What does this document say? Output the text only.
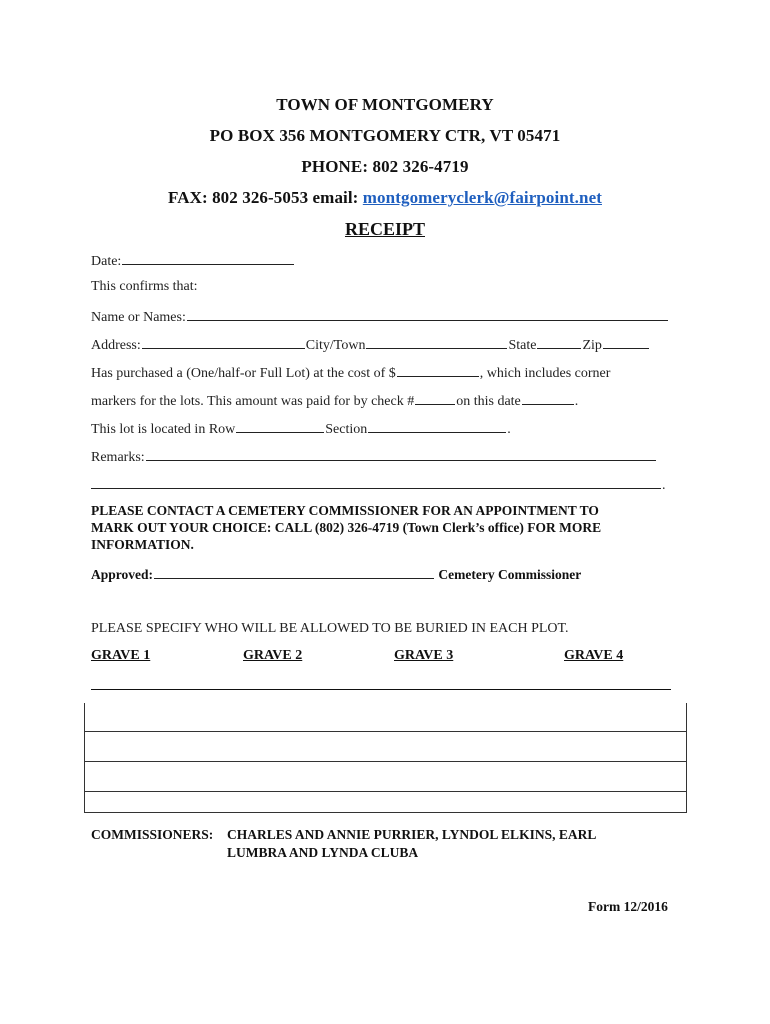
TOWN OF MONTGOMERY
PO BOX 356 MONTGOMERY CTR, VT 05471
PHONE: 802 326-4719
FAX: 802 326-5053 email: montgomeryclerk@fairpoint.net
RECEIPT
Date:
This confirms that:
Name or Names:
Address:	City/Town	State	Zip
Has purchased a (One/half-or Full Lot) at the cost of $	, which includes corner
markers for the lots. This amount was paid for by check #	on this date	.
This lot is located in Row	Section	.
Remarks:
.
PLEASE CONTACT A CEMETERY COMMISSIONER FOR AN APPOINTMENT TO
MARK OUT YOUR CHOICE: CALL (802) 326-4719 (Town Clerk’s office) FOR MORE
INFORMATION.
Approved:	Cemetery Commissioner
PLEASE SPECIFY WHO WILL BE ALLOWED TO BE BURIED IN EACH PLOT.
GRAVE 1	GRAVE 2	GRAVE 3	GRAVE 4
COMMISSIONERS: CHARLES AND ANNIE PURRIER, LYNDOL ELKINS, EARL
LUMBRA AND LYNDA CLUBA
Form 12/2016
